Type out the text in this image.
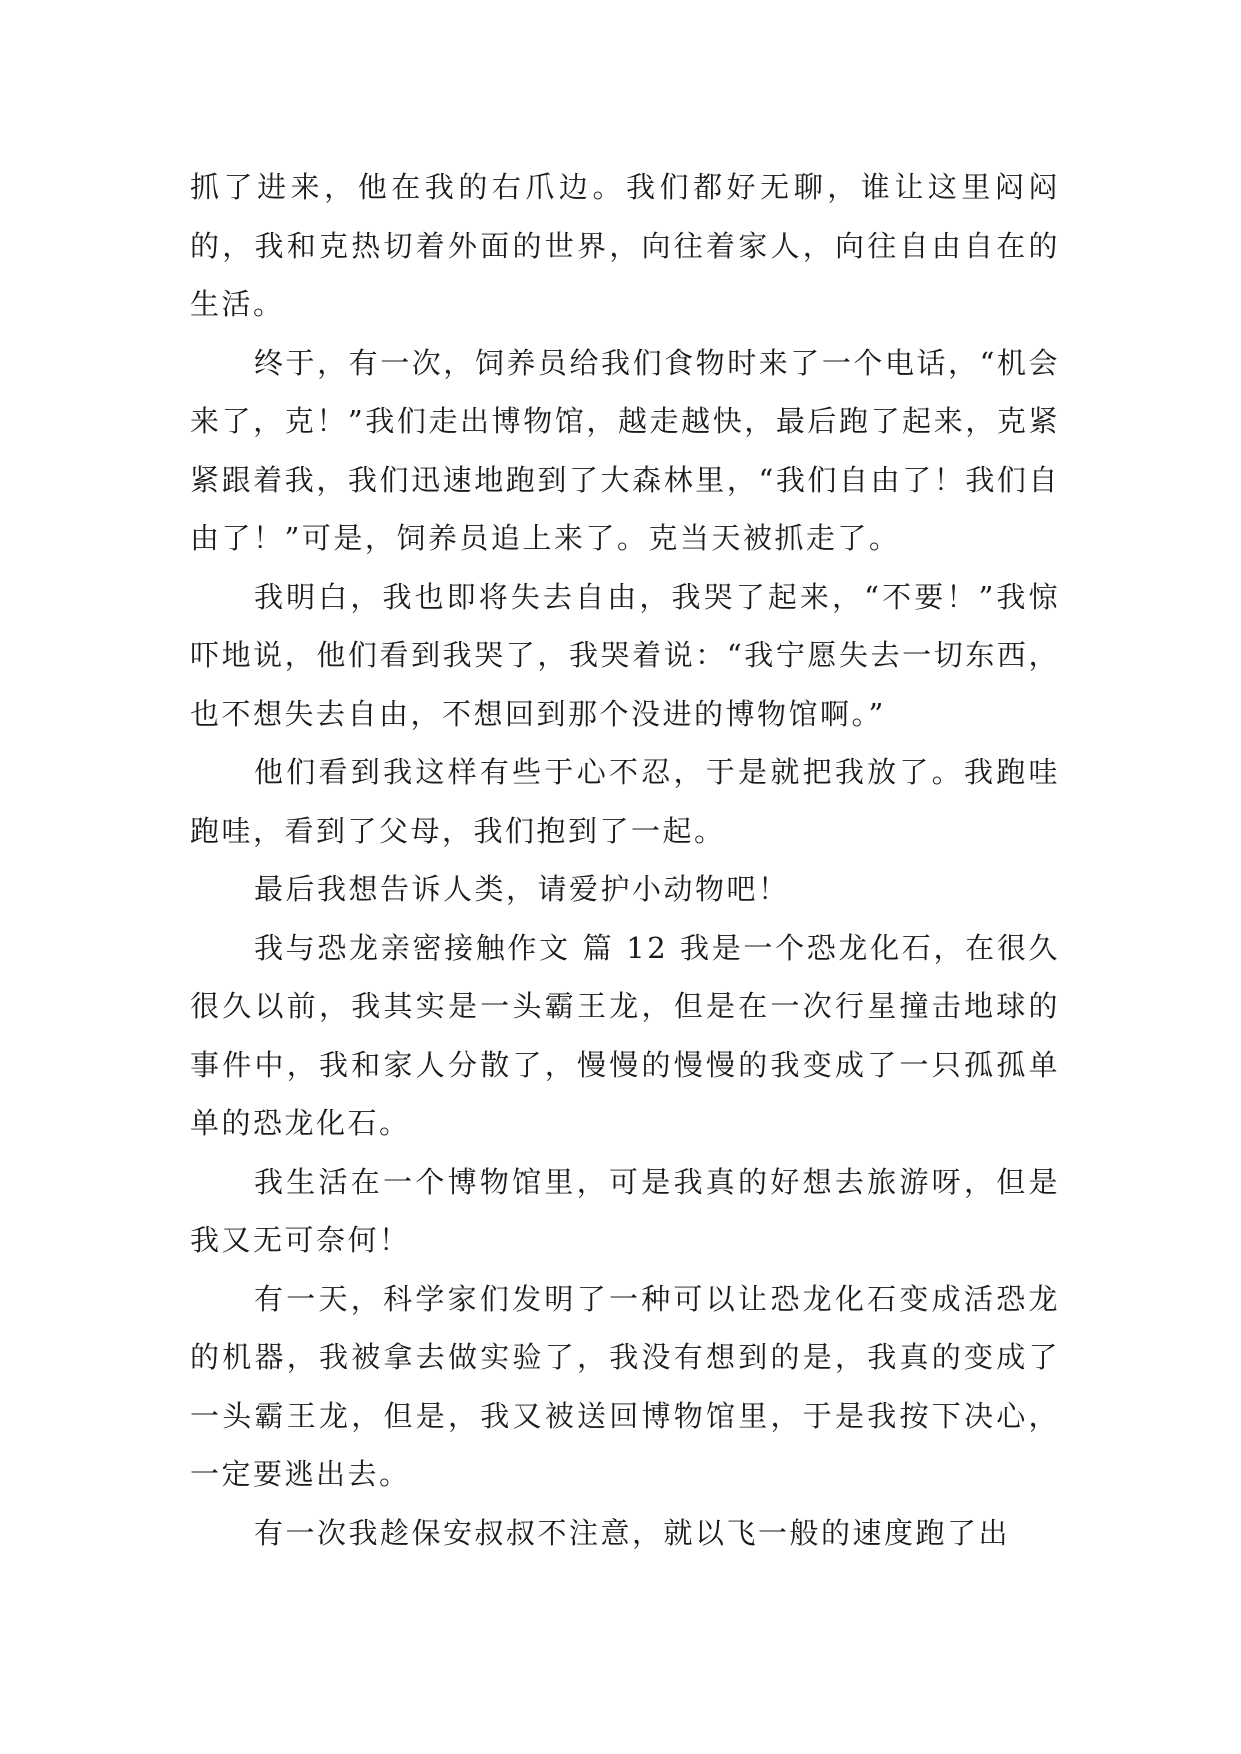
抓了进来，他在我的右爪边。我们都好无聊，谁让这里闷闷的，我和克热切着外面的世界，向往着家人，向往自由自在的生活。

终于，有一次，饲养员给我们食物时来了一个电话，“机会来了，克！”我们走出博物馆，越走越快，最后跑了起来，克紧紧跟着我，我们迅速地跑到了大森林里，“我们自由了！我们自由了！”可是，饲养员追上来了。克当天被抓走了。

我明白，我也即将失去自由，我哭了起来，“不要！”我惊吓地说，他们看到我哭了，我哭着说：“我宁愿失去一切东西，也不想失去自由，不想回到那个没进的博物馆啊。”

他们看到我这样有些于心不忍，于是就把我放了。我跑哇跑哇，看到了父母，我们抱到了一起。

最后我想告诉人类，请爱护小动物吧！

我与恐龙亲密接触作文 篇 12 我是一个恐龙化石，在很久很久以前，我其实是一头霸王龙，但是在一次行星撞击地球的事件中，我和家人分散了，慢慢的慢慢的我变成了一只孤孤单单的恐龙化石。

我生活在一个博物馆里，可是我真的好想去旅游呀，但是我又无可奈何！

有一天，科学家们发明了一种可以让恐龙化石变成活恐龙的机器，我被拿去做实验了，我没有想到的是，我真的变成了一头霸王龙，但是，我又被送回博物馆里，于是我按下决心，一定要逃出去。

有一次我趁保安叔叔不注意，就以飞一般的速度跑了出
